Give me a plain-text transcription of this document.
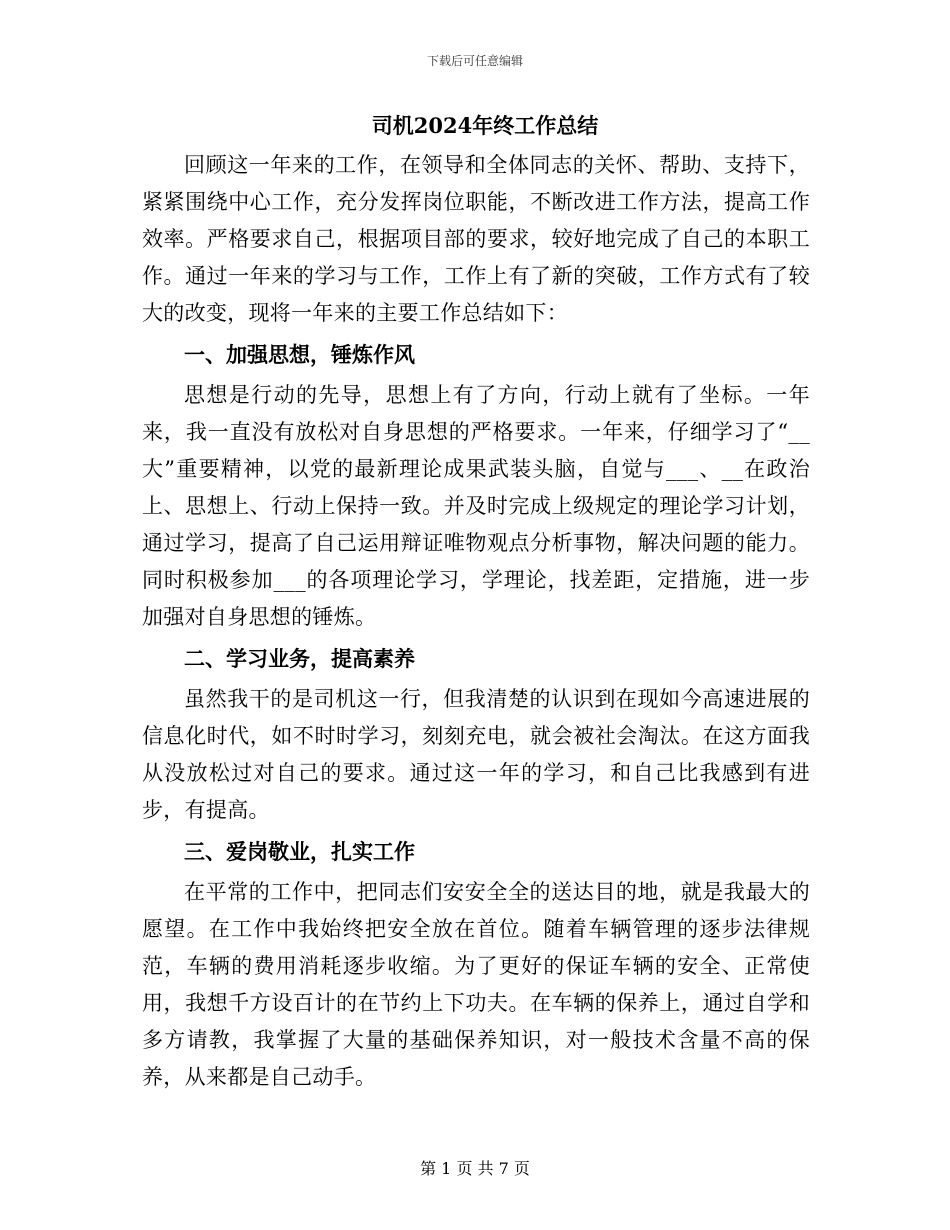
下载后可任意编辑
司机2024年终工作总结

回顾这一年来的工作，在领导和全体同志的关怀、帮助、支持下，紧紧围绕中心工作，充分发挥岗位职能，不断改进工作方法，提高工作效率。严格要求自己，根据项目部的要求，较好地完成了自己的本职工作。通过一年来的学习与工作，工作上有了新的突破，工作方式有了较大的改变，现将一年来的主要工作总结如下：

一、加强思想，锤炼作风

思想是行动的先导，思想上有了方向，行动上就有了坐标。一年来，我一直没有放松对自身思想的严格要求。一年来，仔细学习了“__大”重要精神，以党的最新理论成果武装头脑，自觉与___、__在政治上、思想上、行动上保持一致。并及时完成上级规定的理论学习计划，通过学习，提高了自己运用辩证唯物观点分析事物，解决问题的能力。同时积极参加___的各项理论学习，学理论，找差距，定措施，进一步加强对自身思想的锤炼。

二、学习业务，提高素养

虽然我干的是司机这一行，但我清楚的认识到在现如今高速进展的信息化时代，如不时时学习，刻刻充电，就会被社会淘汰。在这方面我从没放松过对自己的要求。通过这一年的学习，和自己比我感到有进步，有提高。

三、爱岗敬业，扎实工作

在平常的工作中，把同志们安安全全的送达目的地，就是我最大的愿望。在工作中我始终把安全放在首位。随着车辆管理的逐步法律规范，车辆的费用消耗逐步收缩。为了更好的保证车辆的安全、正常使用，我想千方设百计的在节约上下功夫。在车辆的保养上，通过自学和多方请教，我掌握了大量的基础保养知识，对一般技术含量不高的保养，从来都是自己动手。

第 1 页 共 7 页
